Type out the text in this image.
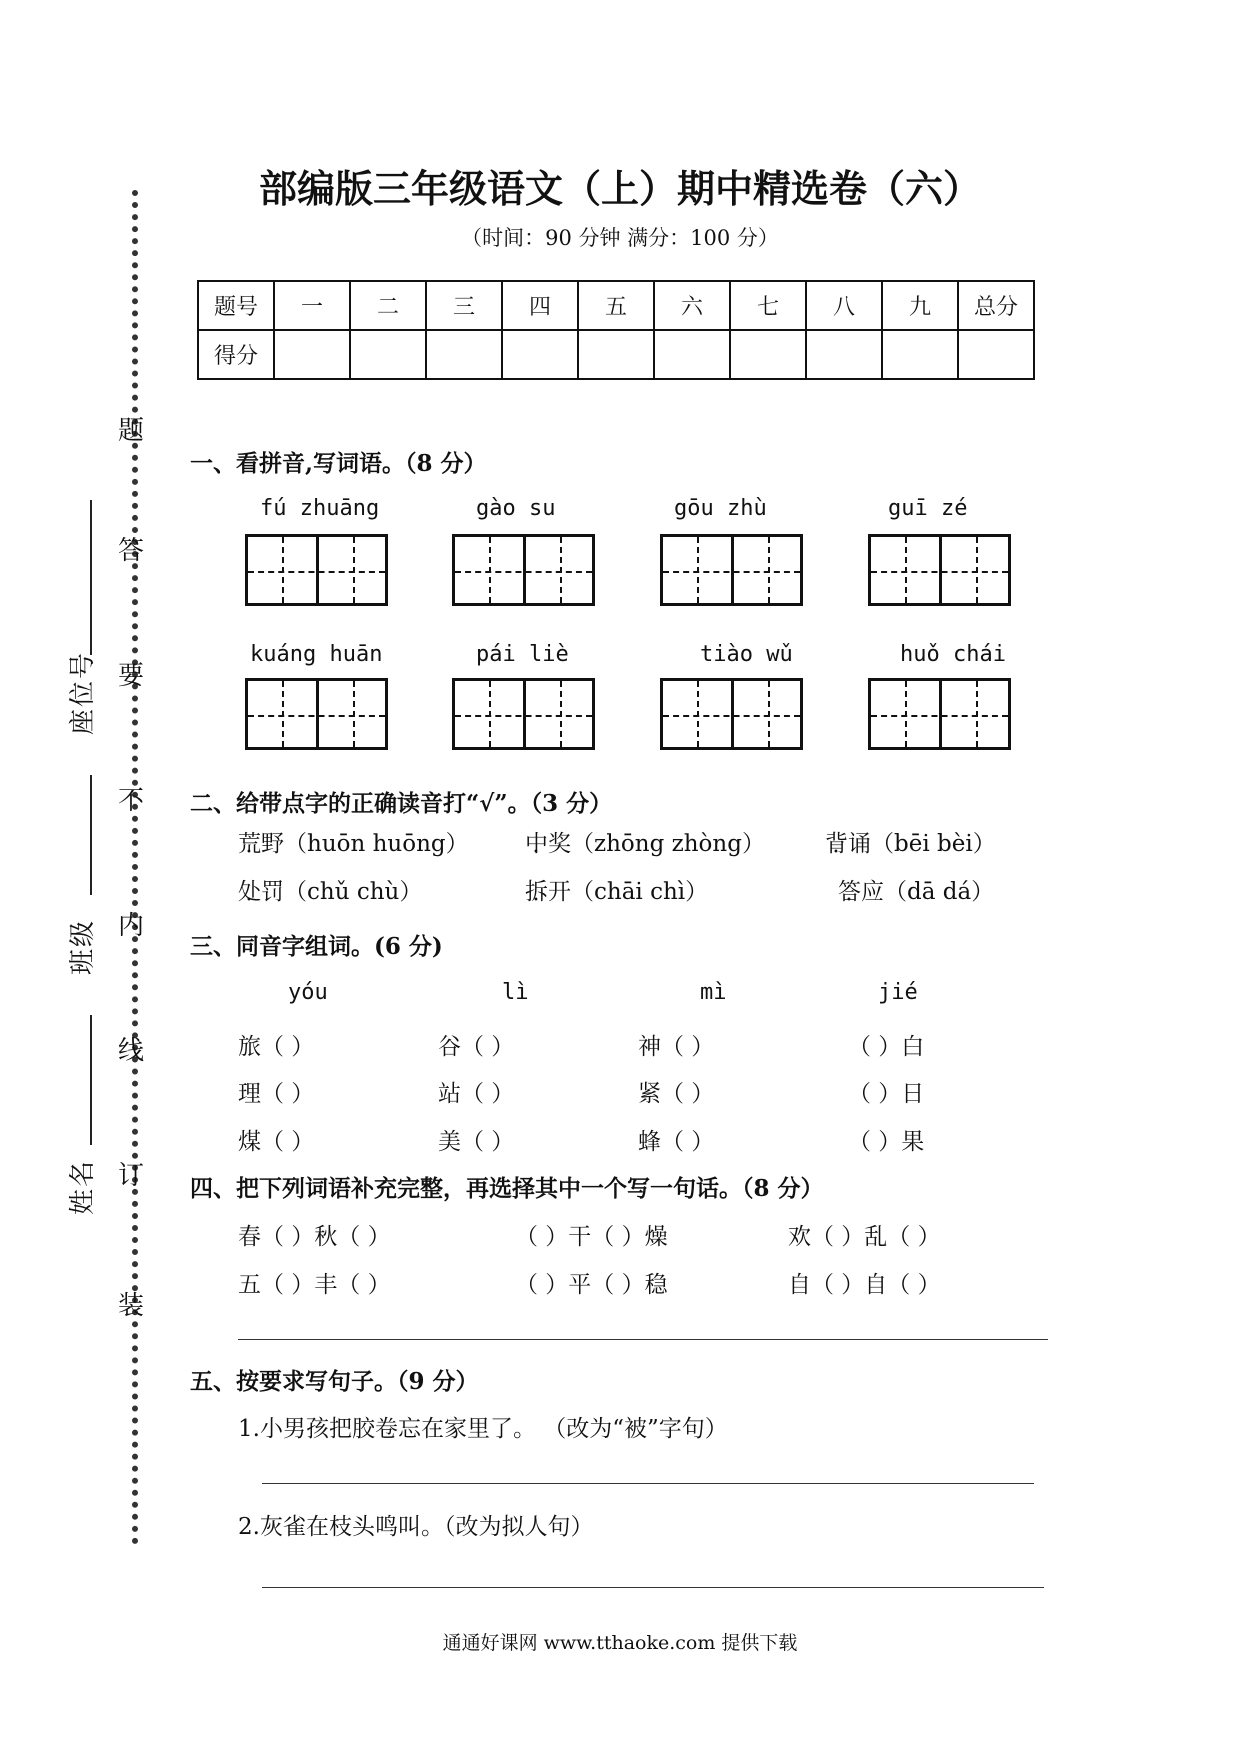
题
答
要
不
内
线
订
装
座位号
班级
姓名
部编版三年级语文（上）期中精选卷（六）
（时间：90 分钟 满分：100 分）
题号	一	二	三	四	五	六	七	八	九	总分
得分										
一、看拼音,写词语。（8 分）
fú zhuāng	gào su	gōu zhù	guī zé
kuáng huān	pái liè	tiào wǔ	huǒ chái
二、给带点字的正确读音打“√”。（3 分）
荒野（huōn huōng） 中奖（zhōng zhòng）	背诵（bēi bèi）
处罚（chǔ chù）	拆开（chāi chì）	答应（dā dá）
三、同音字组词。(6 分)
yóu	lì	mì	jié
旅（ ）	谷（ ）	神（ ）	（ ）白
理（ ）	站（ ）	紧（ ）	（ ）日
煤（ ）	美（ ）	蜂（ ）	（ ）果
四、把下列词语补充完整，再选择其中一个写一句话。（8 分）
春（ ）秋（ ）	（ ）干（ ）燥	欢（ ）乱（ ）
五（ ）丰（ ）	（ ）平（ ）稳	自（ ）自（ ）
五、按要求写句子。（9 分）
1.小男孩把胶卷忘在家里了。 （改为“被”字句）
2.灰雀在枝头鸣叫。（改为拟人句）
通通好课网 www.tthaoke.com 提供下载
